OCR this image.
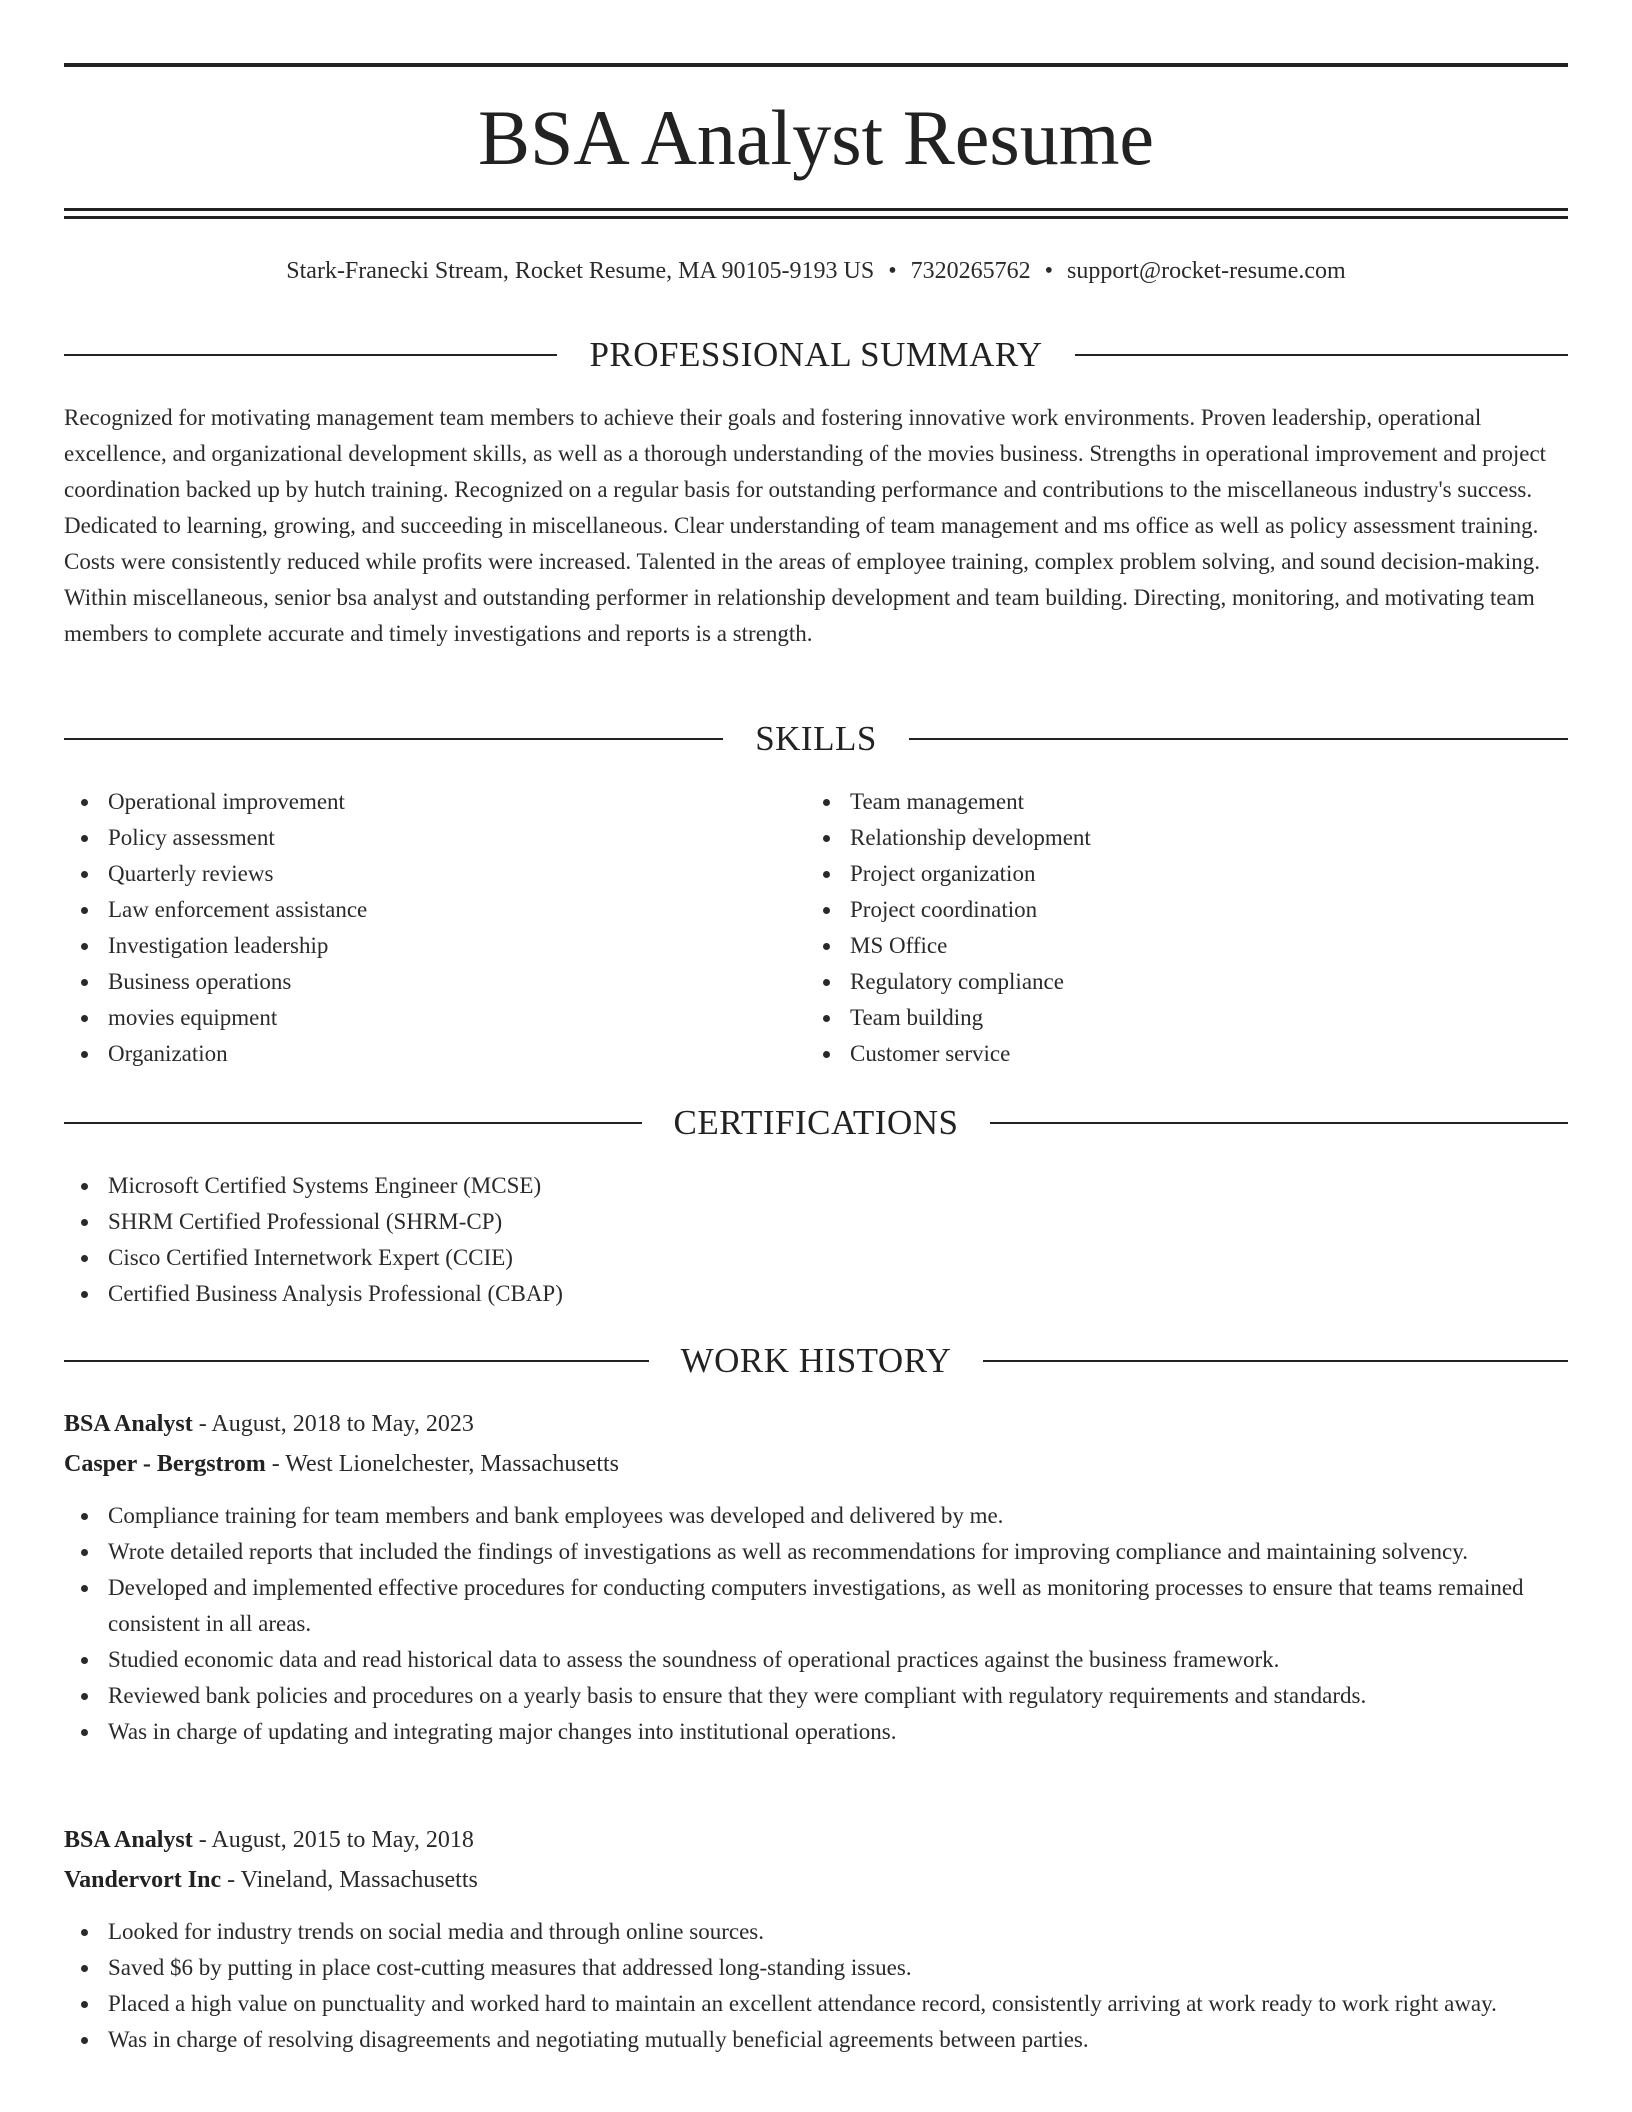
BSA Analyst Resume
Stark-Franecki Stream, Rocket Resume, MA 90105-9193 US • 7320265762 • support@rocket-resume.com
PROFESSIONAL SUMMARY

Recognized for motivating management team members to achieve their goals and fostering innovative work environments. Proven leadership, operational excellence, and organizational development skills, as well as a thorough understanding of the movies business. Strengths in operational improvement and project coordination backed up by hutch training. Recognized on a regular basis for outstanding performance and contributions to the miscellaneous industry's success. Dedicated to learning, growing, and succeeding in miscellaneous. Clear understanding of team management and ms office as well as policy assessment training. Costs were consistently reduced while profits were increased. Talented in the areas of employee training, complex problem solving, and sound decision-making. Within miscellaneous, senior bsa analyst and outstanding performer in relationship development and team building. Directing, monitoring, and motivating team members to complete accurate and timely investigations and reports is a strength.

SKILLS
Operational improvement
Policy assessment
Quarterly reviews
Law enforcement assistance
Investigation leadership
Business operations
movies equipment
Organization
Team management
Relationship development
Project organization
Project coordination
MS Office
Regulatory compliance
Team building
Customer service
CERTIFICATIONS
Microsoft Certified Systems Engineer (MCSE)
SHRM Certified Professional (SHRM-CP)
Cisco Certified Internetwork Expert (CCIE)
Certified Business Analysis Professional (CBAP)
WORK HISTORY
BSA Analyst - August, 2018 to May, 2023
Casper - Bergstrom - West Lionelchester, Massachusetts
Compliance training for team members and bank employees was developed and delivered by me.
Wrote detailed reports that included the findings of investigations as well as recommendations for improving compliance and maintaining solvency.
Developed and implemented effective procedures for conducting computers investigations, as well as monitoring processes to ensure that teams remained consistent in all areas.
Studied economic data and read historical data to assess the soundness of operational practices against the business framework.
Reviewed bank policies and procedures on a yearly basis to ensure that they were compliant with regulatory requirements and standards.
Was in charge of updating and integrating major changes into institutional operations.
BSA Analyst - August, 2015 to May, 2018
Vandervort Inc - Vineland, Massachusetts
Looked for industry trends on social media and through online sources.
Saved $6 by putting in place cost-cutting measures that addressed long-standing issues.
Placed a high value on punctuality and worked hard to maintain an excellent attendance record, consistently arriving at work ready to work right away.
Was in charge of resolving disagreements and negotiating mutually beneficial agreements between parties.
